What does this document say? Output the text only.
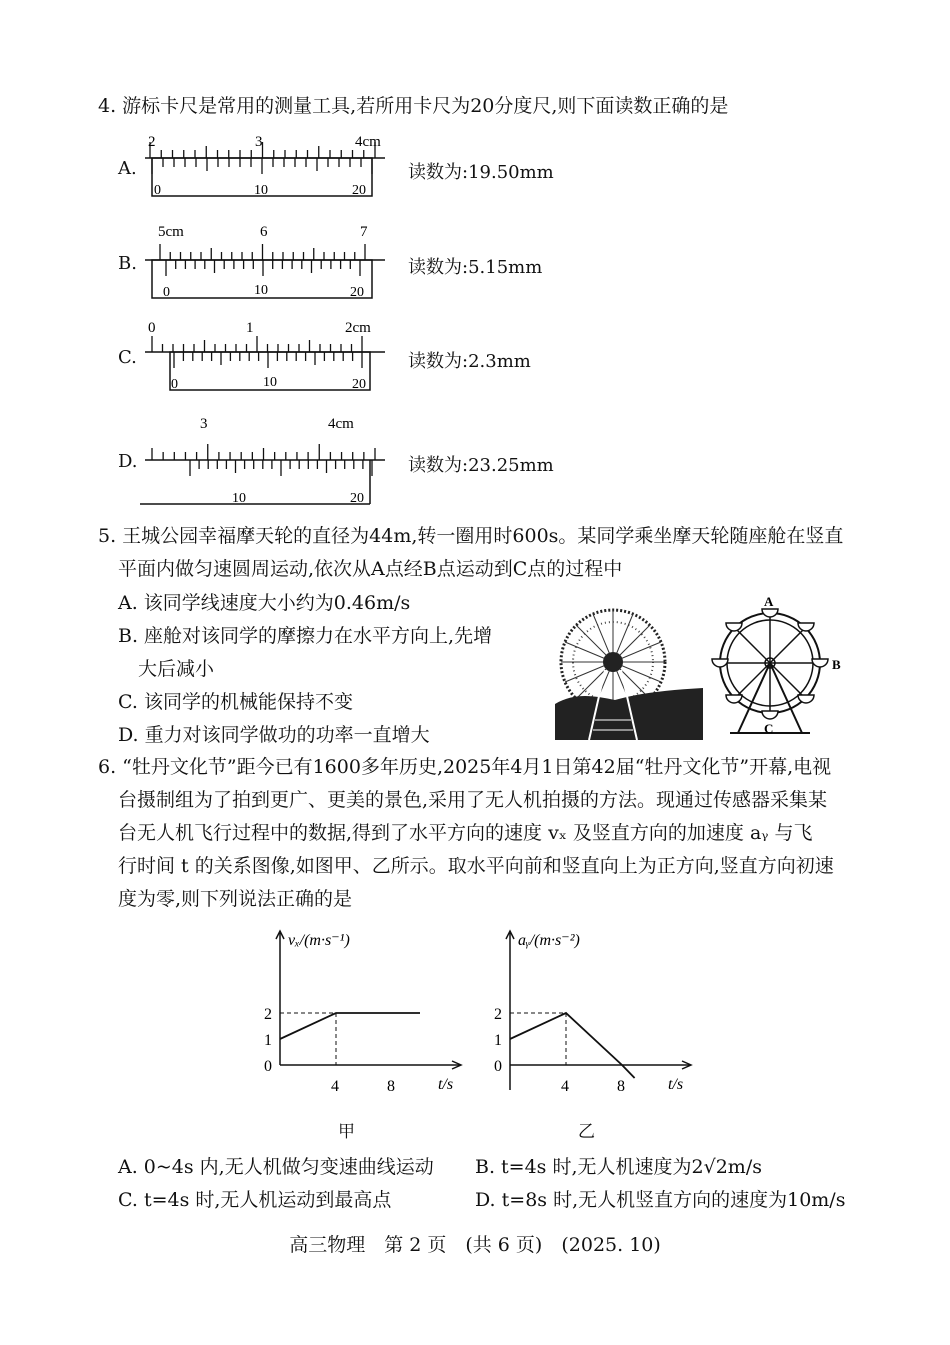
4. 游标卡尺是常用的测量工具,若所用卡尺为20分度尺,则下面读数正确的是
A.	读数为:19.50mm
B.	读数为:5.15mm
C.	读数为:2.3mm
D.	读数为:23.25mm
2	3	4cm
0	10	20
5cm	6	7
0	10	20
0	1	2cm
0	10	20
3	4cm
10	20
5. 王城公园幸福摩天轮的直径为44m,转一圈用时600s。某同学乘坐摩天轮随座舱在竖直
平面内做匀速圆周运动,依次从A点经B点运动到C点的过程中
A. 该同学线速度大小约为0.46m/s
B. 座舱对该同学的摩擦力在水平方向上,先增
大后减小
C. 该同学的机械能保持不变
D. 重力对该同学做功的功率一直增大
A
B
C
6. “牡丹文化节”距今已有1600多年历史,2025年4月1日第42届“牡丹文化节”开幕,电视
台摄制组为了拍到更广、更美的景色,采用了无人机拍摄的方法。现通过传感器采集某
台无人机飞行过程中的数据,得到了水平方向的速度 vₓ 及竖直方向的加速度 aᵧ 与飞
行时间 t 的关系图像,如图甲、乙所示。取水平向前和竖直向上为正方向,竖直方向初速
度为零,则下列说法正确的是
0
1
2
4	8
vₓ/(m·s⁻¹)
t/s
0
1
2
4	8
aᵧ/(m·s⁻²)
t/s
甲	乙
A. 0~4s 内,无人机做匀变速曲线运动 B. t=4s 时,无人机速度为2√2m/s
C. t=4s 时,无人机运动到最高点	D. t=8s 时,无人机竖直方向的速度为10m/s
高三物理　第 2 页　(共 6 页)　(2025. 10)
